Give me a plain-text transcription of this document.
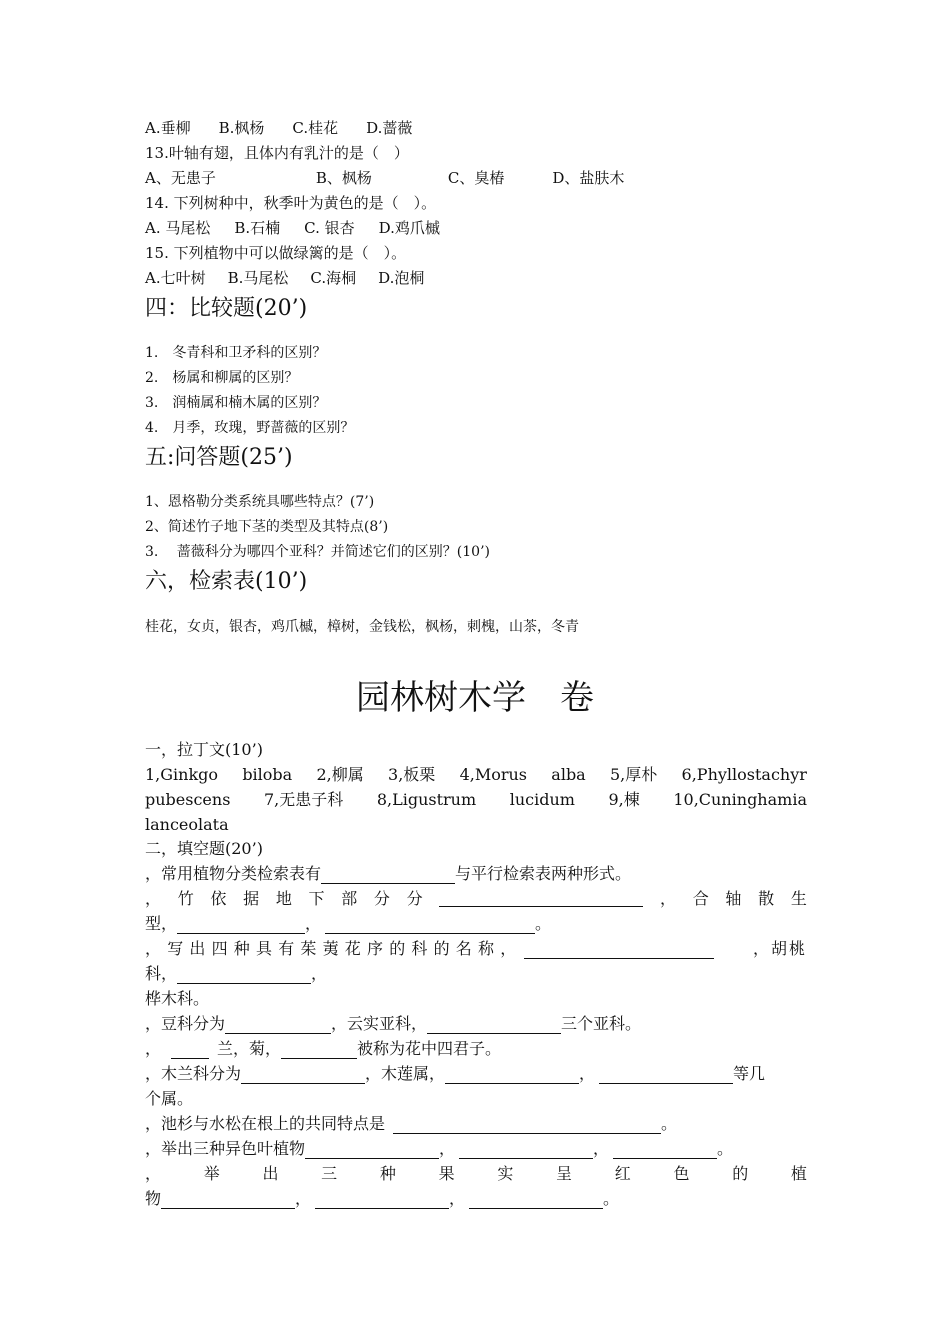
A.垂柳 B.枫杨 C.桂花 D.蔷薇
13.叶轴有翅，且体内有乳汁的是（　）
A、无患子	B、枫杨	C、臭椿	D、盐肤木
14. 下列树种中，秋季叶为黄色的是（　）。
A. 马尾松 B.石楠 C. 银杏 D.鸡爪槭
15. 下列植物中可以做绿篱的是（　）。
A.七叶树 B.马尾松 C.海桐 D.泡桐
四：比较题(20’)
1.　冬青科和卫矛科的区别？
2.　杨属和柳属的区别？
3.　润楠属和楠木属的区别？
4.　月季，玫瑰，野蔷薇的区别？
五:问答题(25’)
1、恩格勒分类系统具哪些特点？(7’)
2、简述竹子地下茎的类型及其特点(8’)
3.　 蔷薇科分为哪四个亚科？并简述它们的区别？(10’)
六，检索表(10’)
桂花，女贞，银杏，鸡爪槭，樟树，金钱松，枫杨，刺槐，山茶，冬青
园林树木学　卷
一，拉丁文(10’)
1,Ginkgo biloba 2,柳属 3,板栗 4,Morus alba 5,厚朴 6,Phyllostachyr
pubescens 7,无患子科 8,Ligustrum lucidum 9,棟 10,Cuninghamia
lanceolata
二，填空题(20’)
，常用植物分类检索表有	与平行检索表两种形式。
， 竹 依 据 地 下 部 分 分	， 合 轴 散 生
型，	，	。
，写出四种具有茱荑花序的科的名称，	，胡桃
科，	，
桦木科。
，豆科分为	，云实亚科，	三个亚科。
，	兰，菊，	被称为花中四君子。
，木兰科分为	，木莲属，	，	等几
个属。
，池杉与水松在根上的共同特点是	。
，举出三种异色叶植物	，	，	。
，	举	出	三	种	果	实	呈	红	色	的	植
物	，	，	。
